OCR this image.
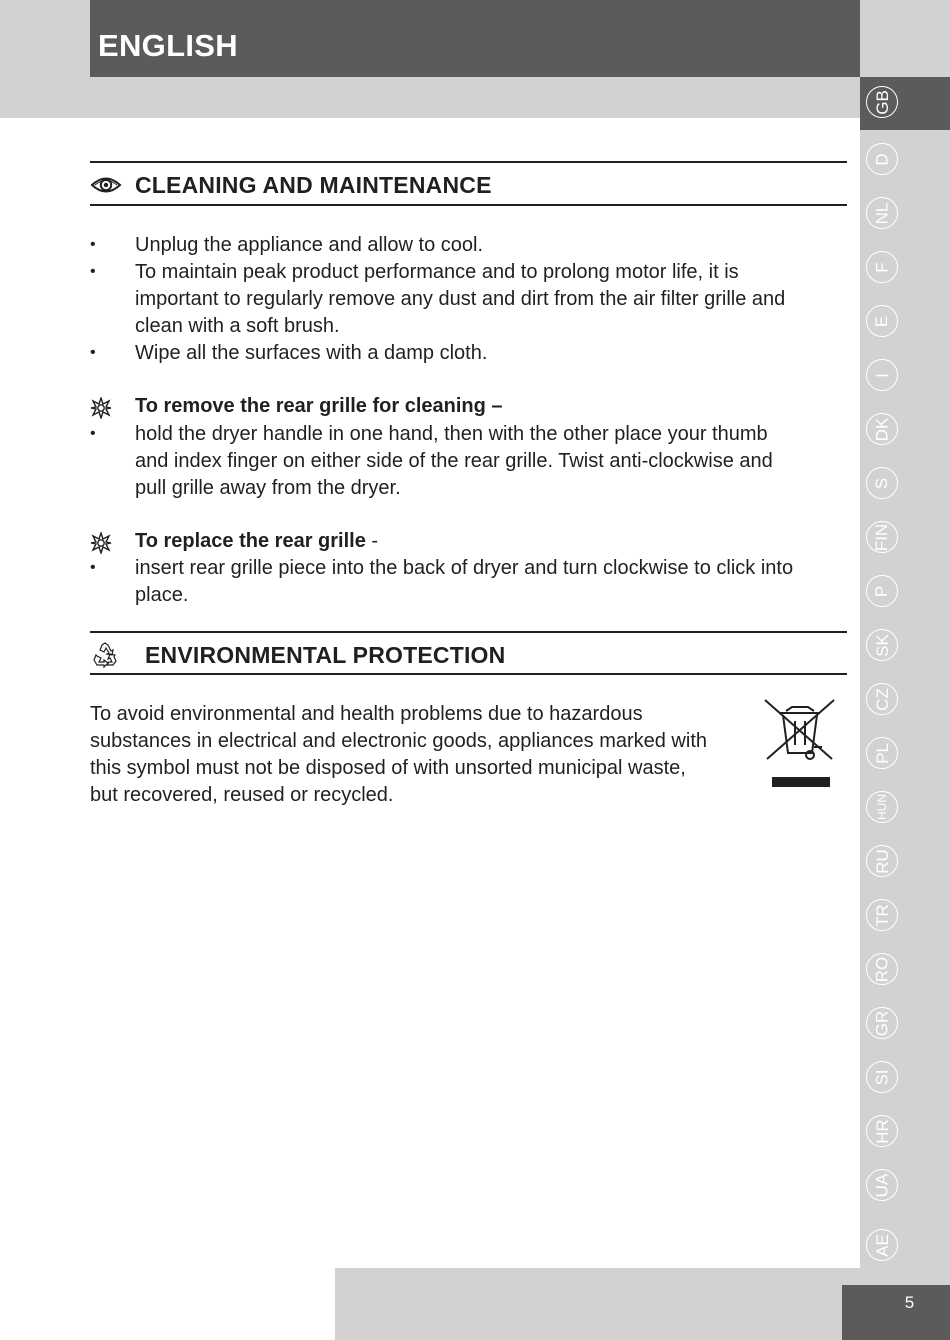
ENGLISH
GB
D
NL
F
E
I
DK
S
FIN
P
SK
CZ
PL
HUN
RU
TR
RO
GR
SI
HR
UA
AE
CLEANING AND MAINTENANCE
• Unplug the appliance and allow to cool.

• To maintain peak product performance and to prolong motor life, it is

important to regularly remove any dust and dirt from the air filter grille and

clean with a soft brush.

• Wipe all the surfaces with a damp cloth.

To remove the rear grille for cleaning –

• hold the dryer handle in one hand, then with the other place your thumb

and index finger on either side of the rear grille. Twist anti-clockwise and

pull grille away from the dryer.

To replace the rear grille -

• insert rear grille piece into the back of dryer and turn clockwise to click into

place.

ENVIRONMENTAL PROTECTION

To avoid environmental and health problems due to hazardous

substances in electrical and electronic goods, appliances marked with

this symbol must not be disposed of with unsorted municipal waste,

but recovered, reused or recycled.

5
